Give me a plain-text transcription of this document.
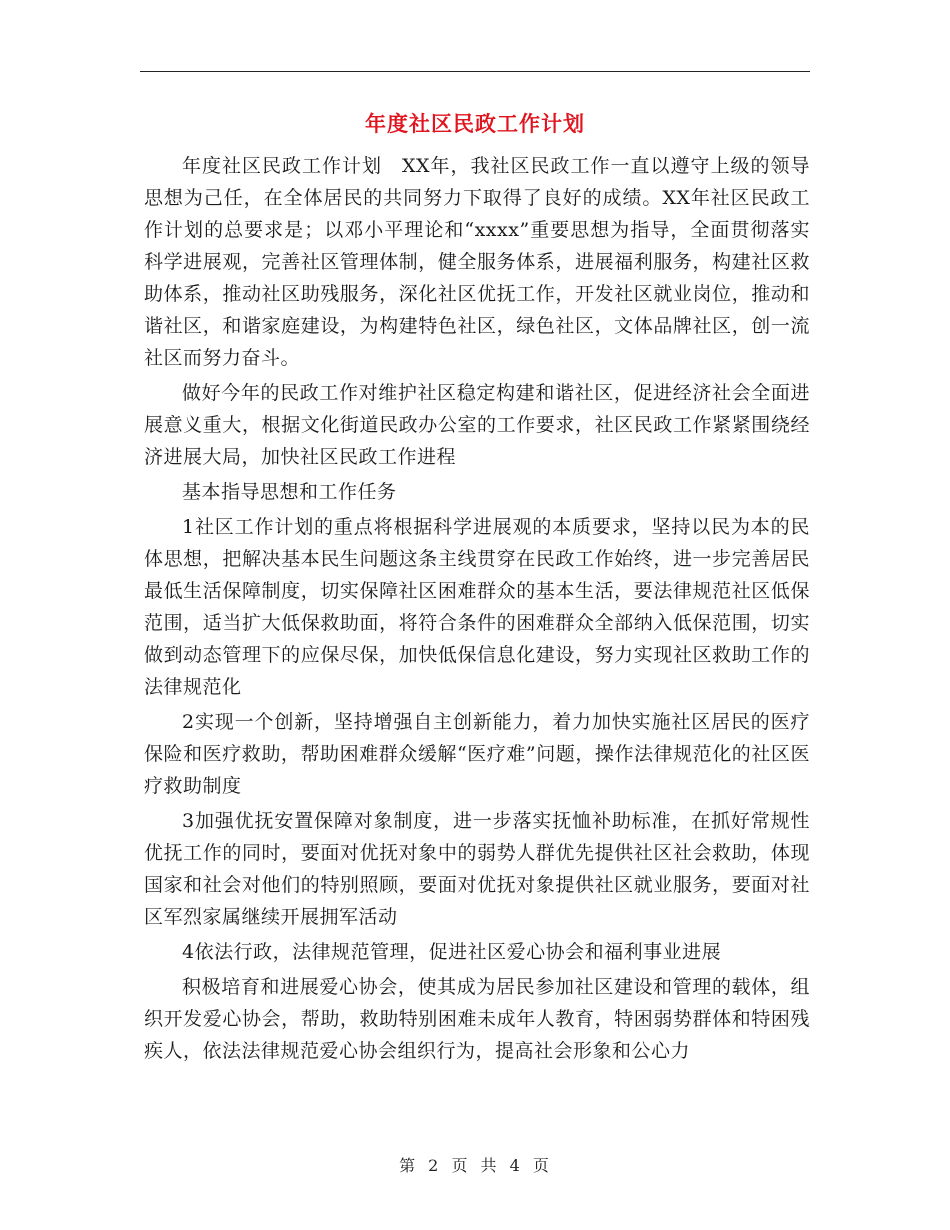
年度社区民政工作计划

年度社区民政工作计划　XX年，我社区民政工作一直以遵守上级的领导思想为己任，在全体居民的共同努力下取得了良好的成绩。XX年社区民政工作计划的总要求是；以邓小平理论和“xxxx”重要思想为指导，全面贯彻落实科学进展观，完善社区管理体制，健全服务体系，进展福利服务，构建社区救助体系，推动社区助残服务，深化社区优抚工作，开发社区就业岗位，推动和谐社区，和谐家庭建设，为构建特色社区，绿色社区，文体品牌社区，创一流社区而努力奋斗。

做好今年的民政工作对维护社区稳定构建和谐社区，促进经济社会全面进展意义重大，根据文化街道民政办公室的工作要求，社区民政工作紧紧围绕经济进展大局，加快社区民政工作进程

基本指导思想和工作任务

1社区工作计划的重点将根据科学进展观的本质要求，坚持以民为本的民体思想，把解决基本民生问题这条主线贯穿在民政工作始终，进一步完善居民最低生活保障制度，切实保障社区困难群众的基本生活，要法律规范社区低保范围，适当扩大低保救助面，将符合条件的困难群众全部纳入低保范围，切实做到动态管理下的应保尽保，加快低保信息化建设，努力实现社区救助工作的法律规范化

2实现一个创新，坚持增强自主创新能力，着力加快实施社区居民的医疗保险和医疗救助，帮助困难群众缓解“医疗难”问题，操作法律规范化的社区医疗救助制度

3加强优抚安置保障对象制度，进一步落实抚恤补助标准，在抓好常规性优抚工作的同时，要面对优抚对象中的弱势人群优先提供社区社会救助，体现国家和社会对他们的特别照顾，要面对优抚对象提供社区就业服务，要面对社区军烈家属继续开展拥军活动

4依法行政，法律规范管理，促进社区爱心协会和福利事业进展

积极培育和进展爱心协会，使其成为居民参加社区建设和管理的载体，组织开发爱心协会，帮助，救助特别困难未成年人教育，特困弱势群体和特困残疾人，依法法律规范爱心协会组织行为，提高社会形象和公心力

第 2 页 共 4 页
